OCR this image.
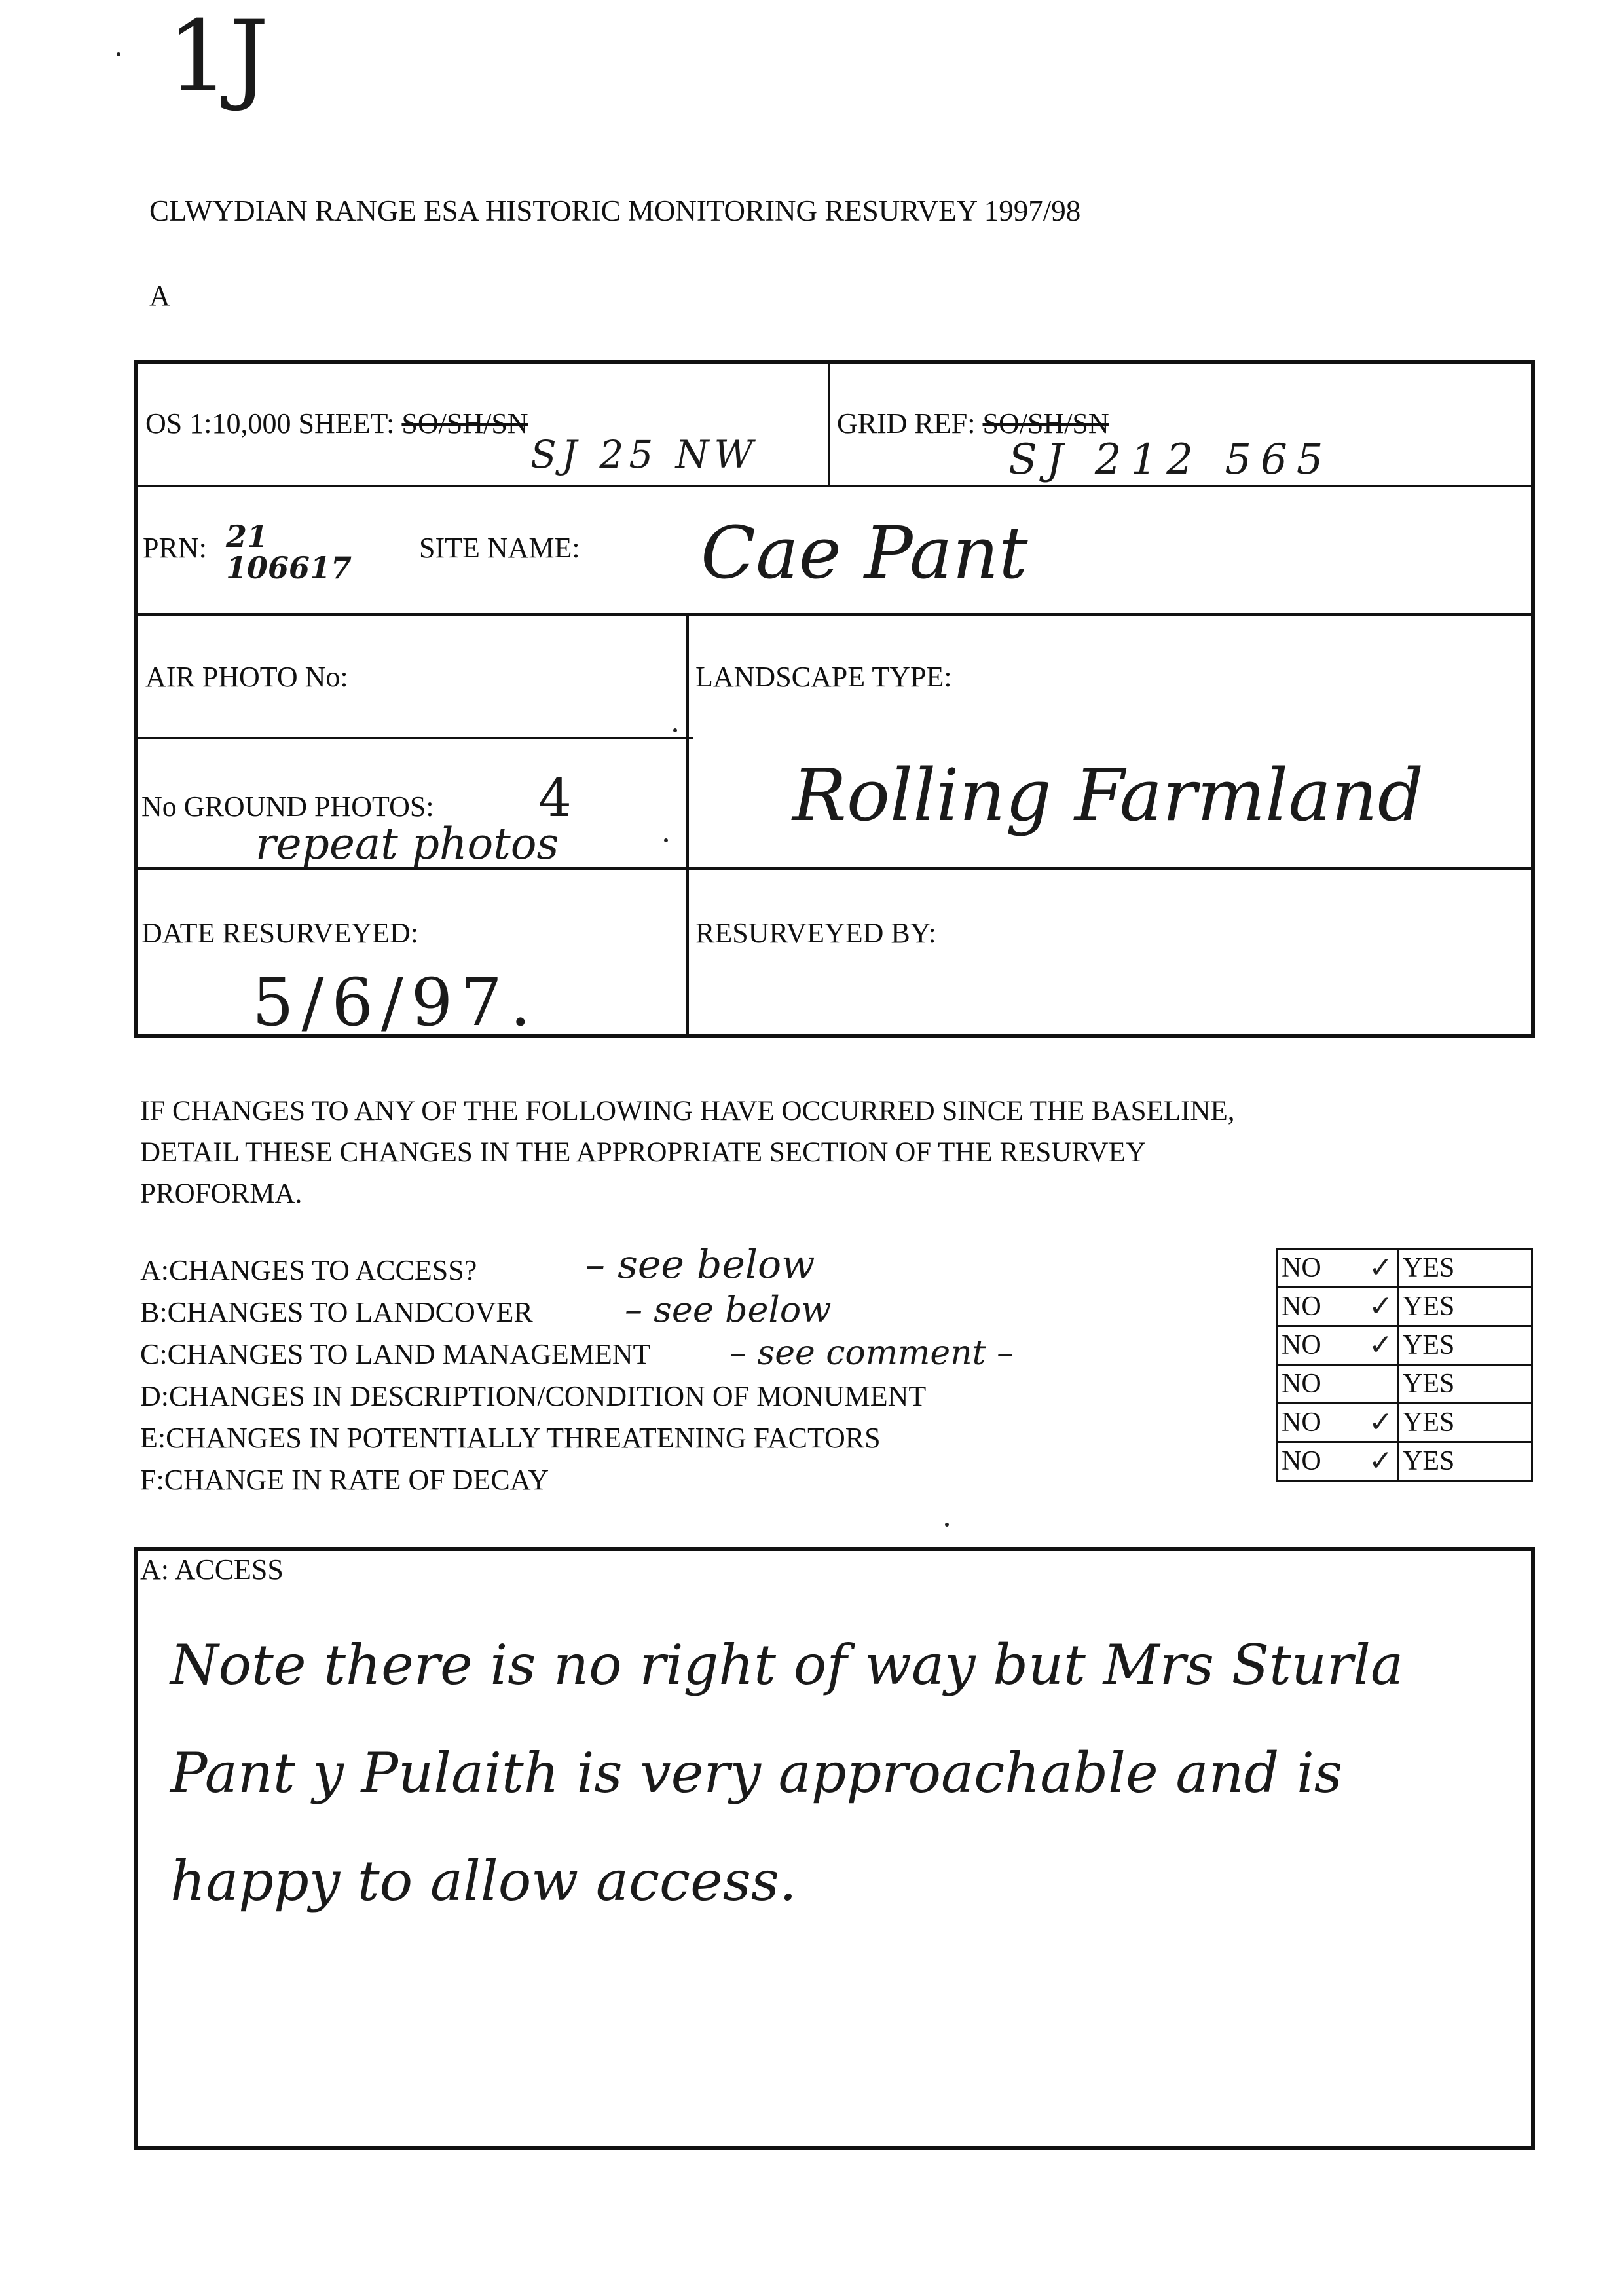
1J
CLWYDIAN RANGE ESA HISTORIC MONITORING RESURVEY 1997/98
A
OS 1:10,000 SHEET: SO/SH/SN
SJ 25 NW
GRID REF: SO/SH/SN
SJ 212 565
PRN: 21 106617
SITE NAME: Cae Pant
AIR PHOTO No:	LANDSCAPE TYPE:
Rolling Farmland
No GROUND PHOTOS: 4
repeat photos
DATE RESURVEYED:
5/6/97.
RESURVEYED BY:
IF CHANGES TO ANY OF THE FOLLOWING HAVE OCCURRED SINCE THE BASELINE,
DETAIL THESE CHANGES IN THE APPROPRIATE SECTION OF THE RESURVEY
PROFORMA.
A:CHANGES TO ACCESS?	– see below
B:CHANGES TO LANDCOVER	– see below
C:CHANGES TO LAND MANAGEMENT – see comment –
D:CHANGES IN DESCRIPTION/CONDITION OF MONUMENT
E:CHANGES IN POTENTIALLY THREATENING FACTORS
F:CHANGE IN RATE OF DECAY
NO ✓	YES
NO ✓	YES
NO ✓	YES
NO	YES
NO ✓	YES
NO ✓	YES
A: ACCESS
Note there is no right of way but Mrs Sturla
Pant y Pulaith is very approachable and is
happy to allow access.
